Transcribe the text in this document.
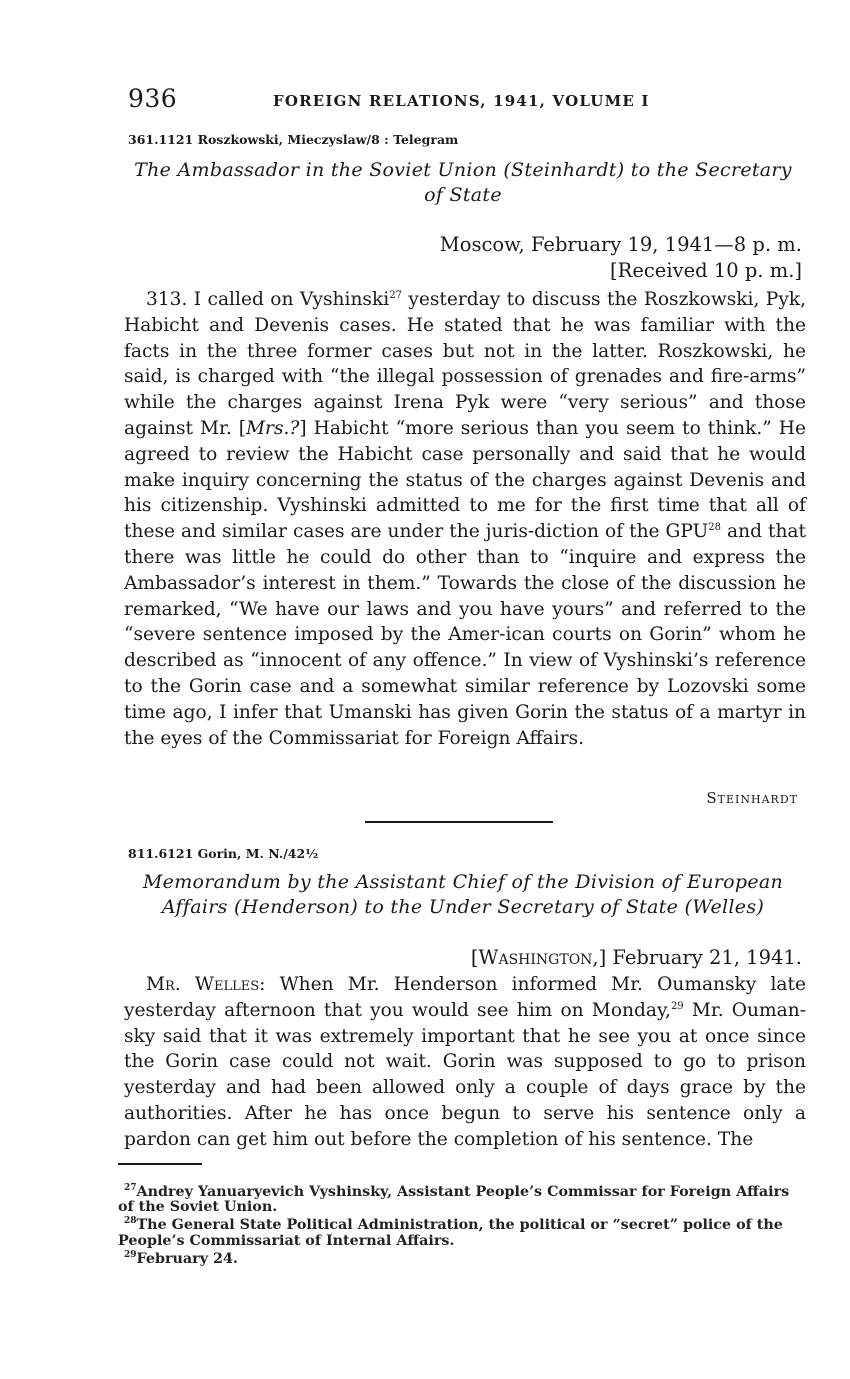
936	FOREIGN RELATIONS, 1941, VOLUME I
361.1121 Roszkowski, Mieczyslaw/8 : Telegram
The Ambassador in the Soviet Union (Steinhardt) to the Secretary
of State
Moscow, February 19, 1941—8 p. m.
[Received 10 p. m.]

313. I called on Vyshinski$^{27}$ yesterday to discuss the Roszkowski, Pyk, Habicht and Devenis cases. He stated that he was familiar with the facts in the three former cases but not in the latter. Roszkowski, he said, is charged with “the illegal possession of grenades and fire-arms” while the charges against Irena Pyk were “very serious” and those against Mr. [Mrs.?] Habicht “more serious than you seem to think.” He agreed to review the Habicht case personally and said that he would make inquiry concerning the status of the charges against Devenis and his citizenship. Vyshinski admitted to me for the first time that all of these and similar cases are under the juris-diction of the GPU$^{28}$ and that there was little he could do other than to “inquire and express the Ambassador’s interest in them.” Towards the close of the discussion he remarked, “We have our laws and you have yours” and referred to the “severe sentence imposed by the Amer-ican courts on Gorin” whom he described as “innocent of any offence.” In view of Vyshinski’s reference to the Gorin case and a somewhat similar reference by Lozovski some time ago, I infer that Umanski has given Gorin the status of a martyr in the eyes of the Commissariat for Foreign Affairs.

Steinhardt
811.6121 Gorin, M. N./42½
Memorandum by the Assistant Chief of the Division of European
Affairs (Henderson) to the Under Secretary of State (Welles)
[Washington,] February 21, 1941.

Mr. Welles: When Mr. Henderson informed Mr. Oumansky late yesterday afternoon that you would see him on Monday,$^{29}$ Mr. Ouman-sky said that it was extremely important that he see you at once since the Gorin case could not wait. Gorin was supposed to go to prison yesterday and had been allowed only a couple of days grace by the authorities. After he has once begun to serve his sentence only a pardon can get him out before the completion of his sentence. The

$^{27}$Andrey Yanuaryevich Vyshinsky, Assistant People’s Commissar for Foreign Affairs of the Soviet Union.

$^{28}$The General State Political Administration, the political or “secret” police of the People’s Commissariat of Internal Affairs.

$^{29}$February 24.
